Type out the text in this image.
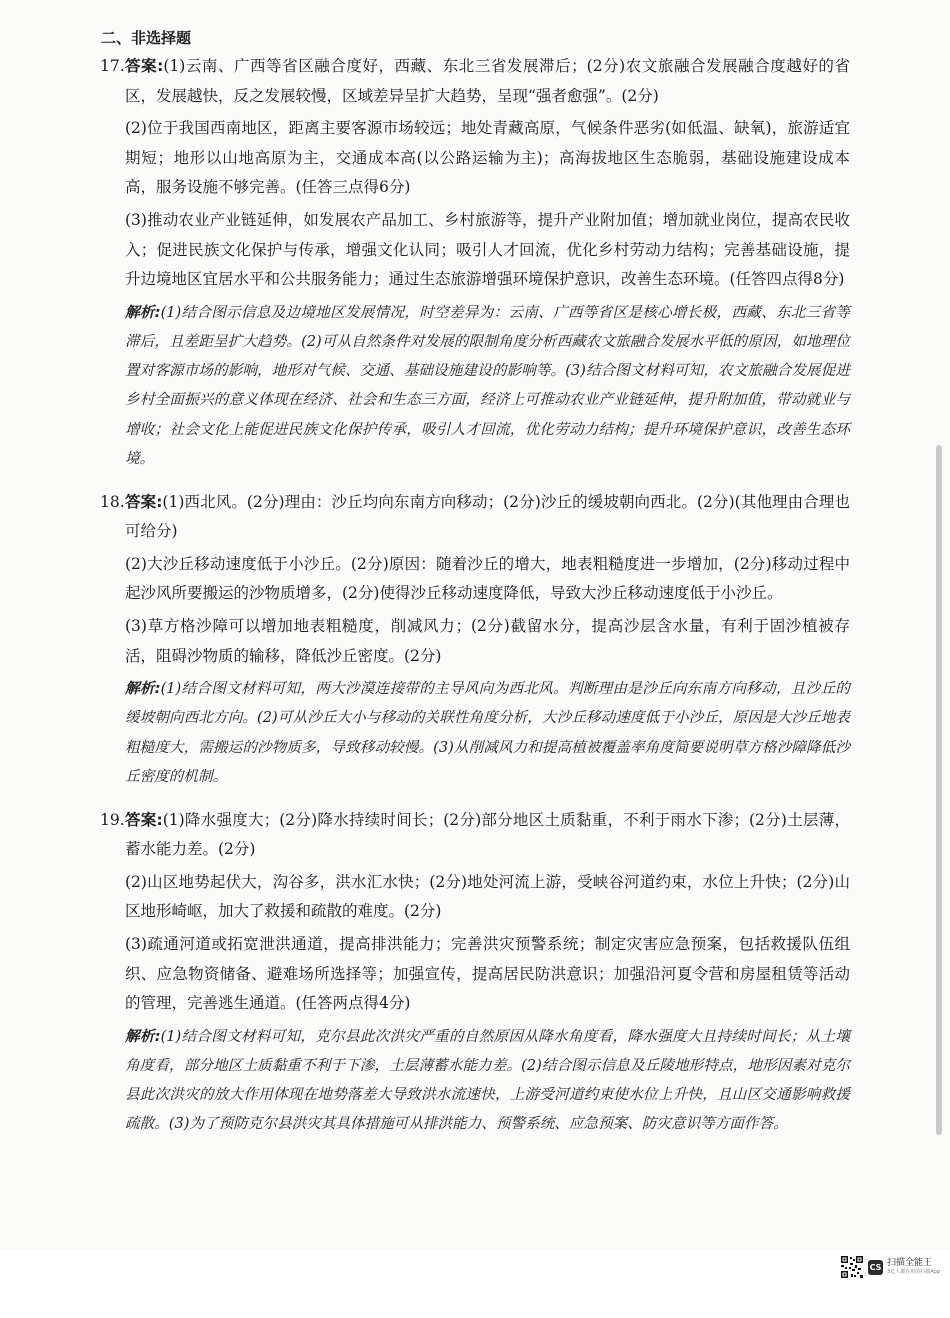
二、非选择题
17. 答案:(1)云南、广西等省区融合度好，西藏、东北三省发展滞后；(2分)农文旅融合发展融合度越好的省区，发展越快，反之发展较慢，区域差异呈扩大趋势，呈现“强者愈强”。(2分)

(2)位于我国西南地区，距离主要客源市场较远；地处青藏高原，气候条件恶劣(如低温、缺氧)，旅游适宜期短；地形以山地高原为主，交通成本高(以公路运输为主)；高海拔地区生态脆弱，基础设施建设成本高，服务设施不够完善。(任答三点得6分)

(3)推动农业产业链延伸，如发展农产品加工、乡村旅游等，提升产业附加值；增加就业岗位，提高农民收入；促进民族文化保护与传承，增强文化认同；吸引人才回流，优化乡村劳动力结构；完善基础设施，提升边境地区宜居水平和公共服务能力；通过生态旅游增强环境保护意识，改善生态环境。(任答四点得8分)

解析:(1)结合图示信息及边境地区发展情况，时空差异为：云南、广西等省区是核心增长极，西藏、东北三省等滞后，且差距呈扩大趋势。(2)可从自然条件对发展的限制角度分析西藏农文旅融合发展水平低的原因，如地理位置对客源市场的影响，地形对气候、交通、基础设施建设的影响等。(3)结合图文材料可知，农文旅融合发展促进乡村全面振兴的意义体现在经济、社会和生态三方面，经济上可推动农业产业链延伸，提升附加值，带动就业与增收；社会文化上能促进民族文化保护传承，吸引人才回流，优化劳动力结构；提升环境保护意识，改善生态环境。

18. 答案:(1)西北风。(2分)理由：沙丘均向东南方向移动；(2分)沙丘的缓坡朝向西北。(2分)(其他理由合理也可给分)

(2)大沙丘移动速度低于小沙丘。(2分)原因：随着沙丘的增大，地表粗糙度进一步增加，(2分)移动过程中起沙风所要搬运的沙物质增多，(2分)使得沙丘移动速度降低，导致大沙丘移动速度低于小沙丘。

(3)草方格沙障可以增加地表粗糙度，削减风力；(2分)截留水分，提高沙层含水量，有利于固沙植被存活，阻碍沙物质的输移，降低沙丘密度。(2分)

解析:(1)结合图文材料可知，两大沙漠连接带的主导风向为西北风。判断理由是沙丘向东南方向移动，且沙丘的缓坡朝向西北方向。(2)可从沙丘大小与移动的关联性角度分析，大沙丘移动速度低于小沙丘，原因是大沙丘地表粗糙度大，需搬运的沙物质多，导致移动较慢。(3)从削减风力和提高植被覆盖率角度简要说明草方格沙障降低沙丘密度的机制。

19. 答案:(1)降水强度大；(2分)降水持续时间长；(2分)部分地区土质黏重，不利于雨水下渗；(2分)土层薄，蓄水能力差。(2分)

(2)山区地势起伏大，沟谷多，洪水汇水快；(2分)地处河流上游，受峡谷河道约束，水位上升快；(2分)山区地形崎岖，加大了救援和疏散的难度。(2分)

(3)疏通河道或拓宽泄洪通道，提高排洪能力；完善洪灾预警系统；制定灾害应急预案，包括救援队伍组织、应急物资储备、避难场所选择等；加强宣传，提高居民防洪意识；加强沿河夏令营和房屋租赁等活动的管理，完善逃生通道。(任答两点得4分)

解析:(1)结合图文材料可知，克尔县此次洪灾严重的自然原因从降水角度看，降水强度大且持续时间长；从土壤角度看，部分地区土质黏重不利于下渗，土层薄蓄水能力差。(2)结合图示信息及丘陵地形特点，地形因素对克尔县此次洪灾的放大作用体现在地势落差大导致洪水流速快，上游受河道约束使水位上升快，且山区交通影响救援疏散。(3)为了预防克尔县洪灾其具体措施可从排洪能力、预警系统、应急预案、防灾意识等方面作答。

CS 扫描全能王
3亿人都在用的扫描App
